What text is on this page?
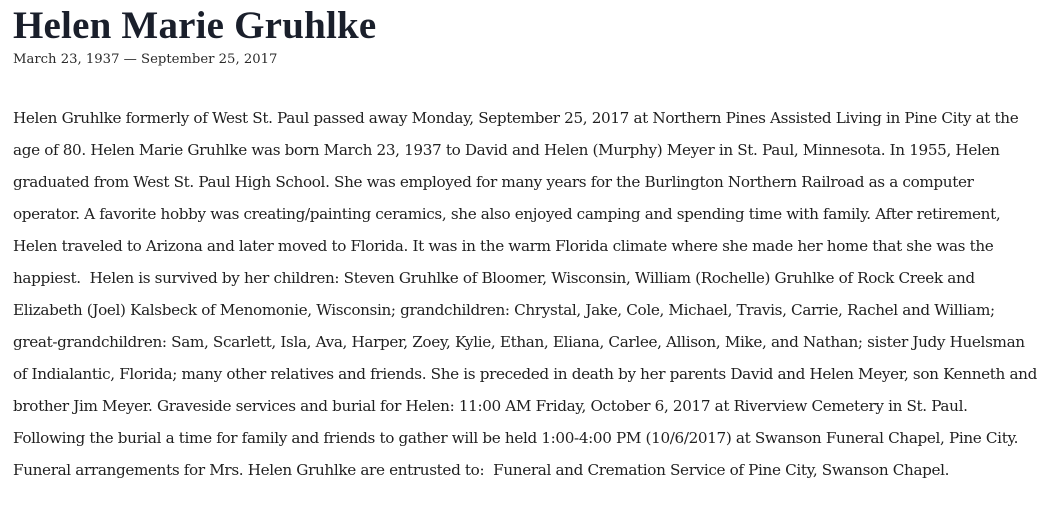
Helen Marie Gruhlke
March 23, 1937 — September 25, 2017

Helen Gruhlke formerly of West St. Paul passed away Monday, September 25, 2017 at Northern Pines Assisted Living in Pine City at the age of 80. Helen Marie Gruhlke was born March 23, 1937 to David and Helen (Murphy) Meyer in St. Paul, Minnesota. In 1955, Helen graduated from West St. Paul High School. She was employed for many years for the Burlington Northern Railroad as a computer operator. A favorite hobby was creating/painting ceramics, she also enjoyed camping and spending time with family. After retirement, Helen traveled to Arizona and later moved to Florida. It was in the warm Florida climate where she made her home that she was the happiest.  Helen is survived by her children: Steven Gruhlke of Bloomer, Wisconsin, William (Rochelle) Gruhlke of Rock Creek and Elizabeth (Joel) Kalsbeck of Menomonie, Wisconsin; grandchildren: Chrystal, Jake, Cole, Michael, Travis, Carrie, Rachel and William; great-grandchildren: Sam, Scarlett, Isla, Ava, Harper, Zoey, Kylie, Ethan, Eliana, Carlee, Allison, Mike, and Nathan; sister Judy Huelsman of Indialantic, Florida; many other relatives and friends. She is preceded in death by her parents David and Helen Meyer, son Kenneth and brother Jim Meyer. Graveside services and burial for Helen: 11:00 AM Friday, October 6, 2017 at Riverview Cemetery in St. Paul.  Following the burial a time for family and friends to gather will be held 1:00-4:00 PM (10/6/2017) at Swanson Funeral Chapel, Pine City. Funeral arrangements for Mrs. Helen Gruhlke are entrusted to:  Funeral and Cremation Service of Pine City, Swanson Chapel.
